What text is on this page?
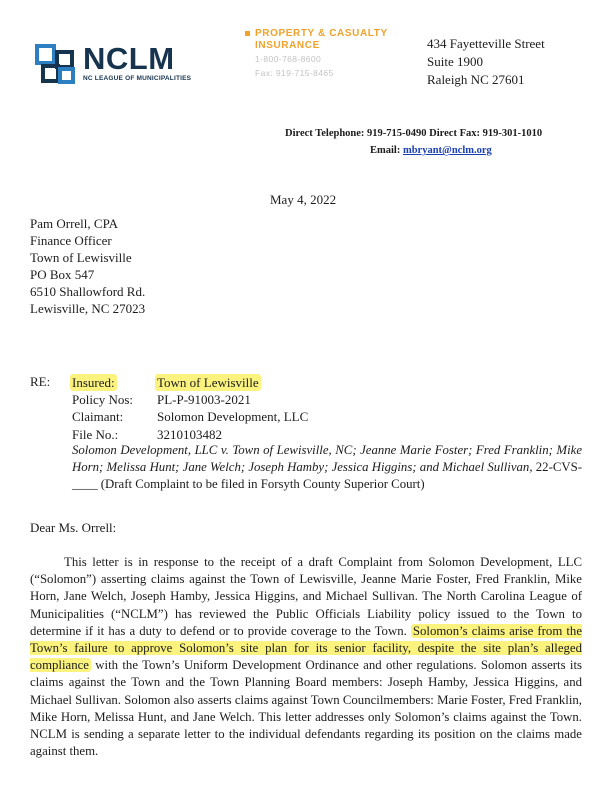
NCLM
NC LEAGUE OF MUNICIPALITIES
PROPERTY & CASUALTY
INSURANCE
1-800-768-8600
Fax: 919-715-8465
434 Fayetteville Street
Suite 1900
Raleigh NC 27601
Direct Telephone: 919-715-0490 Direct Fax: 919-301-1010
Email: mbryant@nclm.org
May 4, 2022
Pam Orrell, CPA
Finance Officer
Town of Lewisville
PO Box 547
6510 Shallowford Rd.
Lewisville, NC 27023
RE: Insured:	Town of Lewisville
Policy Nos: PL-P-91003-2021
Claimant:	Solomon Development, LLC
File No.:	3210103482
Solomon Development, LLC v. Town of Lewisville, NC; Jeanne Marie Foster; Fred Franklin; Mike Horn; Melissa Hunt; Jane Welch; Joseph Hamby; Jessica Higgins; and Michael Sullivan, 22-CVS-____ (Draft Complaint to be filed in Forsyth County Superior Court)
Dear Ms. Orrell:
This letter is in response to the receipt of a draft Complaint from Solomon Development, LLC (“Solomon”) asserting claims against the Town of Lewisville, Jeanne Marie Foster, Fred Franklin, Mike Horn, Jane Welch, Joseph Hamby, Jessica Higgins, and Michael Sullivan. The North Carolina League of Municipalities (“NCLM”) has reviewed the Public Officials Liability policy issued to the Town to determine if it has a duty to defend or to provide coverage to the Town. Solomon’s claims arise from the Town’s failure to approve Solomon’s site plan for its senior facility, despite the site plan’s alleged compliance with the Town’s Uniform Development Ordinance and other regulations. Solomon asserts its claims against the Town and the Town Planning Board members: Joseph Hamby, Jessica Higgins, and Michael Sullivan. Solomon also asserts claims against Town Councilmembers: Marie Foster, Fred Franklin, Mike Horn, Melissa Hunt, and Jane Welch. This letter addresses only Solomon’s claims against the Town. NCLM is sending a separate letter to the individual defendants regarding its position on the claims made against them.
